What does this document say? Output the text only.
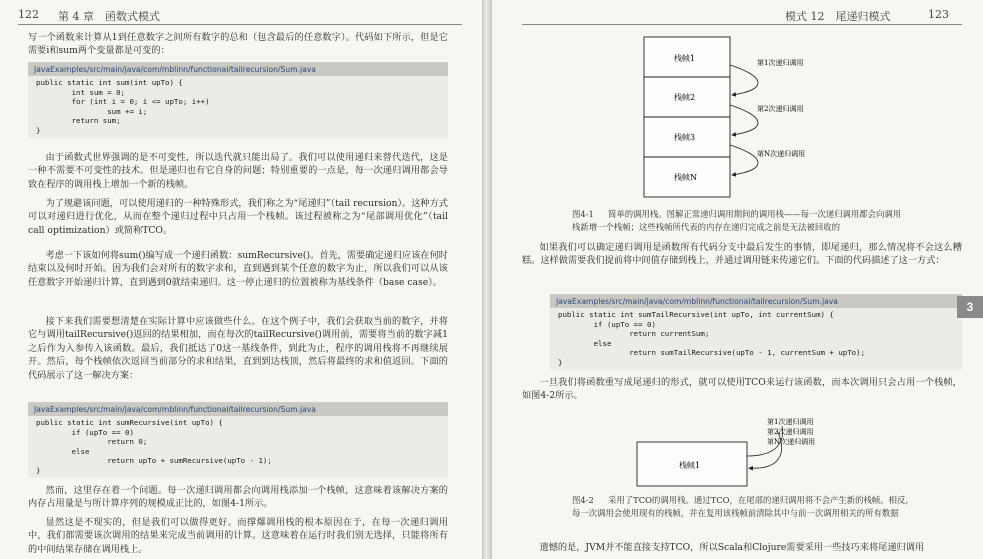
122 第 4 章　函数式模式
写一个函数来计算从1到任意数字之间所有数字的总和（包含最后的任意数字）。代码如下所示，但是它需要i和sum两个变量都是可变的：
JavaExamples/src/main/java/com/mblinn/functional/tailrecursion/Sum.java
public static int sum(int upTo) {
int sum = 0;
for (int i = 0; i <= upTo; i++)
sum += i;
return sum;
}
由于函数式世界强调的是不可变性，所以迭代就只能出局了。我们可以使用递归来替代迭代，这是一种不需要不可变性的技术。但是递归也有它自身的问题；特别重要的一点是，每一次递归调用都会导致在程序的调用栈上增加一个新的栈帧。
为了规避该问题，可以使用递归的一种特殊形式，我们称之为“尾递归”（tail recursion）。这种方式可以对递归进行优化，从而在整个递归过程中只占用一个栈帧。该过程被称之为“尾部调用优化”（tail call optimization）或简称TCO。
考虑一下该如何将sum()编写成一个递归函数：sumRecursive()。首先，需要确定递归应该在何时结束以及何时开始。因为我们会对所有的数字求和，直到遇到某个任意的数字为止，所以我们可以从该任意数字开始递归计算，直到遇到0就结束递归。这一停止递归的位置被称为基线条件（base case）。
接下来我们需要想清楚在实际计算中应该做些什么。在这个例子中，我们会获取当前的数字，并将它与调用tailRecursive()返回的结果相加，而在每次的tailRecursive()调用前，需要将当前的数字减1之后作为入参传入该函数。最后，我们抵达了0这一基线条件，到此为止，程序的调用栈将不再继续展开。然后，每个栈帧依次返回当前部分的求和结果，直到到达栈顶，然后将最终的求和值返回。下面的代码展示了这一解决方案：
JavaExamples/src/main/java/com/mblinn/functional/tailrecursion/Sum.java
public static int sumRecursive(int upTo) {
if (upTo == 0)
return 0;
else
return upTo + sumRecursive(upTo - 1);
}
然而，这里存在着一个问题。每一次递归调用都会向调用栈添加一个栈帧，这意味着该解决方案的内存占用量是与所计算序列的规模成正比的，如图4-1所示。
显然这是不现实的，但是我们可以做得更好。而撑爆调用栈的根本原因在于，在每一次递归调用中，我们都需要该次调用的结果来完成当前调用的计算。这意味着在运行时我们别无选择，只能将所有的中间结果存储在调用栈上。
模式 12　尾递归模式	123
栈帧1
栈帧2
栈帧3
栈帧N
第1次递归调用
第2次递归调用
第N次递归调用
图4-1 简单的调用栈。图解正常递归调用期间的调用栈——每一次递归调用都会向调用栈新增一个栈帧；这些栈帧所代表的内存在递归完成之前是无法被回收的
如果我们可以确定递归调用是函数所有代码分支中最后发生的事情，即尾递归，那么情况将不会这么糟糕。这样做需要我们提前将中间值存储到栈上，并通过调用链来传递它们。下面的代码描述了这一方式：
JavaExamples/src/main/java/com/mblinn/functional/tailrecursion/Sum.java
public static int sumTailRecursive(int upTo, int currentSum) {
if (upTo == 0)
return currentSum;
else
return sumTailRecursive(upTo - 1, currentSum + upTo);
}
一旦我们将函数重写成尾递归的形式，就可以使用TCO来运行该函数，而本次调用只会占用一个栈帧，如图4-2所示。
第1次递归调用
第2次递归调用
第N次递归调用
栈帧1
图4-2 采用了TCO的调用栈。通过TCO，在尾部的递归调用将不会产生新的栈帧。相反，每一次调用会使用现有的栈帧，并在复用该栈帧前清除其中与前一次调用相关的所有数据
遗憾的是，JVM并不能直接支持TCO，所以Scala和Clojure需要采用一些技巧来将尾递归调用
3
